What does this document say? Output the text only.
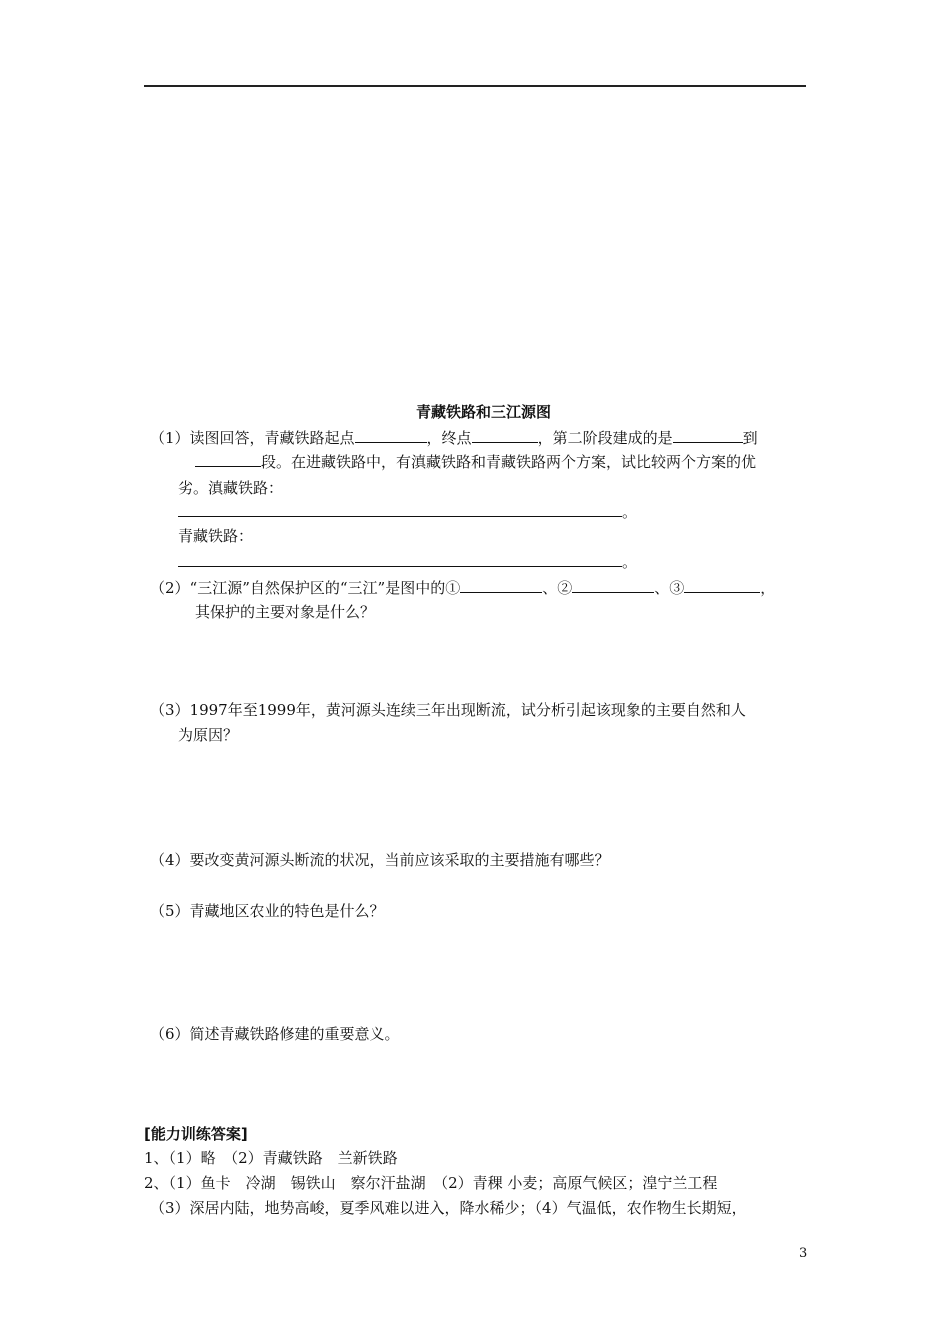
青藏铁路和三江源图
（1）读图回答，青藏铁路起点	，终点	，第二阶段建成的是	到
段。在进藏铁路中，有滇藏铁路和青藏铁路两个方案，试比较两个方案的优
劣。滇藏铁路：
。
青藏铁路：
。
（2）“三江源”自然保护区的“三江”是图中的①	、②	、③	，
其保护的主要对象是什么？
（3）1997年至1999年，黄河源头连续三年出现断流，试分析引起该现象的主要自然和人
为原因？
（4）要改变黄河源头断流的状况，当前应该采取的主要措施有哪些？
（5）青藏地区农业的特色是什么？
（6）简述青藏铁路修建的重要意义。
[能力训练答案]
1、（1）略　（2）青藏铁路　兰新铁路
2、（1）鱼卡　冷湖　锡铁山　察尔汗盐湖　（2）青稞 小麦；高原气候区；湟宁兰工程
（3）深居内陆，地势高峻，夏季风难以进入，降水稀少；（4）气温低，农作物生长期短，
3
